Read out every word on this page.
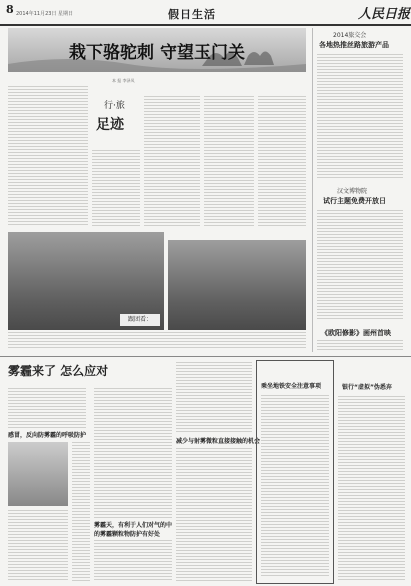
8 2014年11月23日 星期日	假日生活	人民日报
栽下骆驼刺 守望玉门关
本 报 李泽凤
行·旅
足迹
跟团看：
2014旅交会
各地热推丝路旅游产品
汉文博物院
试行主题免费开放日
《欧阳修影》画州首映
雾霾来了 怎么应对
感冒，反向防雾霾的呼吸防护
雾霾天，有利于人们对气的中的雾霾颗粒物防护有好处
减少与射雾微粒直接接触的机会
乘坐地铁安全注意事项	银行“虚拟”伪悉弃
